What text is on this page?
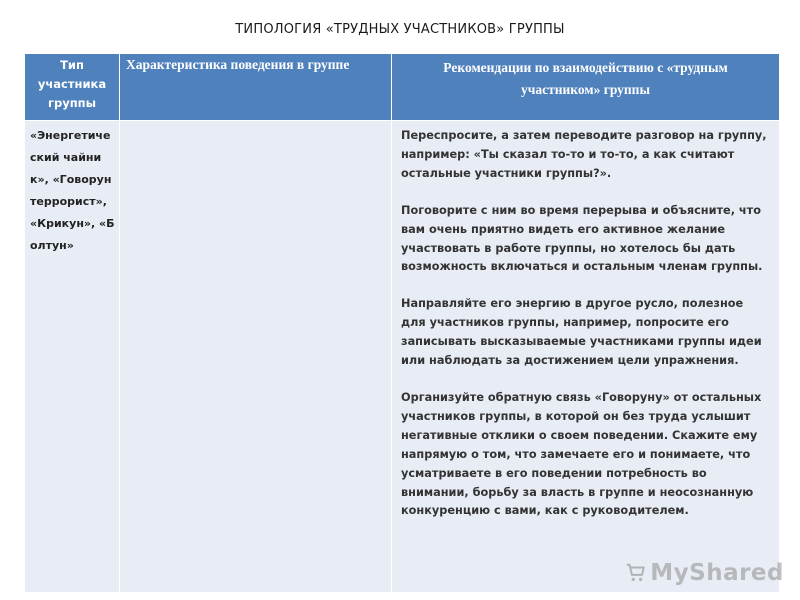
ТИПОЛОГИЯ «ТРУДНЫХ УЧАСТНИКОВ» ГРУППЫ
Тип участника группы	Характеристика поведения в группе	Рекомендации по взаимодействию с «трудным участником» группы
«Энергетический чайник», «Говорун террорист», «Крикун», «Болтун»		Переспросите, а затем переводите разговор на группу, например: «Ты сказал то-то и то-то, а как считают остальные участники группы?».

Поговорите с ним во время перерыва и объясните, что вам очень приятно видеть его активное желание участвовать в работе группы, но хотелось бы дать возможность включаться и остальным членам группы.

Направляйте его энергию в другое русло, полезное для участников группы, например, попросите его записывать высказываемые участниками группы идеи или наблюдать за достижением цели упражнения.

Организуйте обратную связь «Говоруну» от остальных участников группы, в которой он без труда услышит негативные отклики о своем поведении. Скажите ему напрямую о том, что замечаете его и понимаете, что усматриваете в его поведении потребность во внимании, борьбу за власть в группе и неосознанную конкуренцию с вами, как с руководителем.

MyShared
